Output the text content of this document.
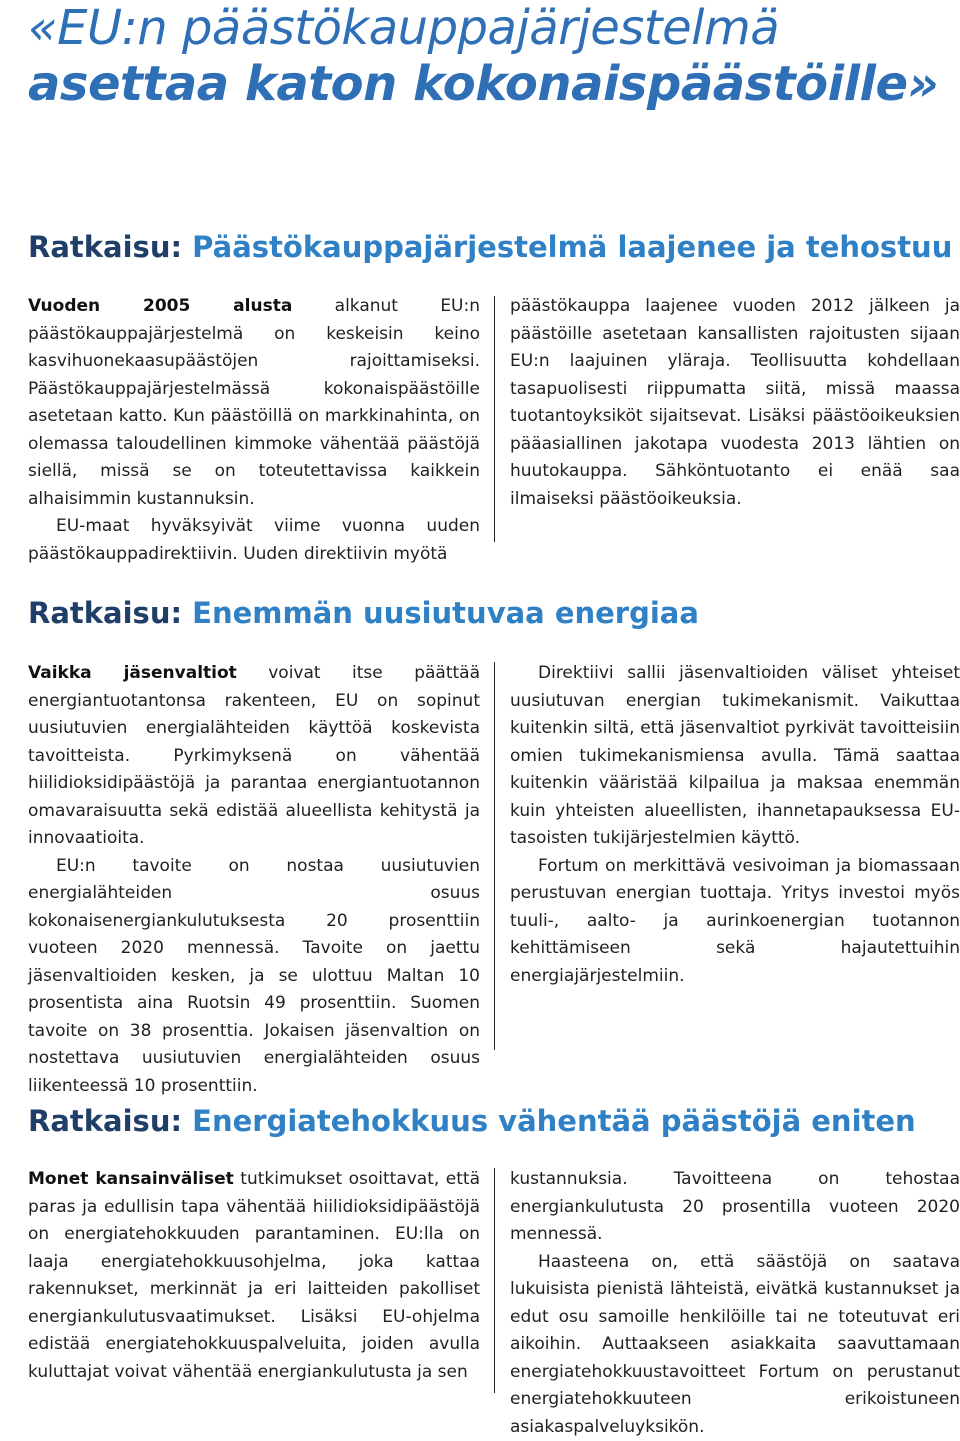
«EU:n päästökauppajärjestelmä
asettaa katon kokonaispäästöille»
Ratkaisu: Päästökauppajärjestelmä laajenee ja tehostuu

Vuoden 2005 alusta alkanut EU:n päästökauppajärjestelmä on keskeisin keino kasvihuonekaasupäästöjen rajoittamiseksi. Päästökauppajärjestelmässä kokonaispäästöille asetetaan katto. Kun päästöillä on markkinahinta, on olemassa taloudellinen kimmoke vähentää päästöjä siellä, missä se on toteutettavissa kaikkein alhaisimmin kustannuksin.

EU-maat hyväksyivät viime vuonna uuden päästökauppadirektiivin. Uuden direktiivin myötä

päästökauppa laajenee vuoden 2012 jälkeen ja päästöille asetetaan kansallisten rajoitusten sijaan EU:n laajuinen yläraja. Teollisuutta kohdellaan tasapuolisesti riippumatta siitä, missä maassa tuotantoyksiköt sijaitsevat. Lisäksi päästöoikeuksien pääasiallinen jakotapa vuodesta 2013 lähtien on huutokauppa. Sähköntuotanto ei enää saa ilmaiseksi päästöoikeuksia.

Ratkaisu: Enemmän uusiutuvaa energiaa

Vaikka jäsenvaltiot voivat itse päättää energiantuotantonsa rakenteen, EU on sopinut uusiutuvien energialähteiden käyttöä koskevista tavoitteista. Pyrkimyksenä on vähentää hiilidioksidipäästöjä ja parantaa energiantuotannon omavaraisuutta sekä edistää alueellista kehitystä ja innovaatioita.

EU:n tavoite on nostaa uusiutuvien energialähteiden osuus kokonaisenergiankulutuksesta 20 prosenttiin vuoteen 2020 mennessä. Tavoite on jaettu jäsenvaltioiden kesken, ja se ulottuu Maltan 10 prosentista aina Ruotsin 49 prosenttiin. Suomen tavoite on 38 prosenttia. Jokaisen jäsenvaltion on nostettava uusiutuvien energialähteiden osuus liikenteessä 10 prosenttiin.

Direktiivi sallii jäsenvaltioiden väliset yhteiset uusiutuvan energian tukimekanismit. Vaikuttaa kuitenkin siltä, että jäsenvaltiot pyrkivät tavoitteisiin omien tukimekanismiensa avulla. Tämä saattaa kuitenkin vääristää kilpailua ja maksaa enemmän kuin yhteisten alueellisten, ihannetapauksessa EU-tasoisten tukijärjestelmien käyttö.

Fortum on merkittävä vesivoiman ja biomassaan perustuvan energian tuottaja. Yritys investoi myös tuuli-, aalto- ja aurinkoenergian tuotannon kehittämiseen sekä hajautettuihin energiajärjestelmiin.

Ratkaisu: Energiatehokkuus vähentää päästöjä eniten

Monet kansainväliset tutkimukset osoittavat, että paras ja edullisin tapa vähentää hiilidioksidipäästöjä on energiatehokkuuden parantaminen. EU:lla on laaja energiatehokkuusohjelma, joka kattaa rakennukset, merkinnät ja eri laitteiden pakolliset energiankulutusvaatimukset. Lisäksi EU-ohjelma edistää energiatehokkuuspalveluita, joiden avulla kuluttajat voivat vähentää energiankulutusta ja sen

kustannuksia. Tavoitteena on tehostaa energiankulutusta 20 prosentilla vuoteen 2020 mennessä.

Haasteena on, että säästöjä on saatava lukuisista pienistä lähteistä, eivätkä kustannukset ja edut osu samoille henkilöille tai ne toteutuvat eri aikoihin. Auttaakseen asiakkaita saavuttamaan energiatehokkuustavoitteet Fortum on perustanut energiatehokkuuteen erikoistuneen asiakaspalveluyksikön.
